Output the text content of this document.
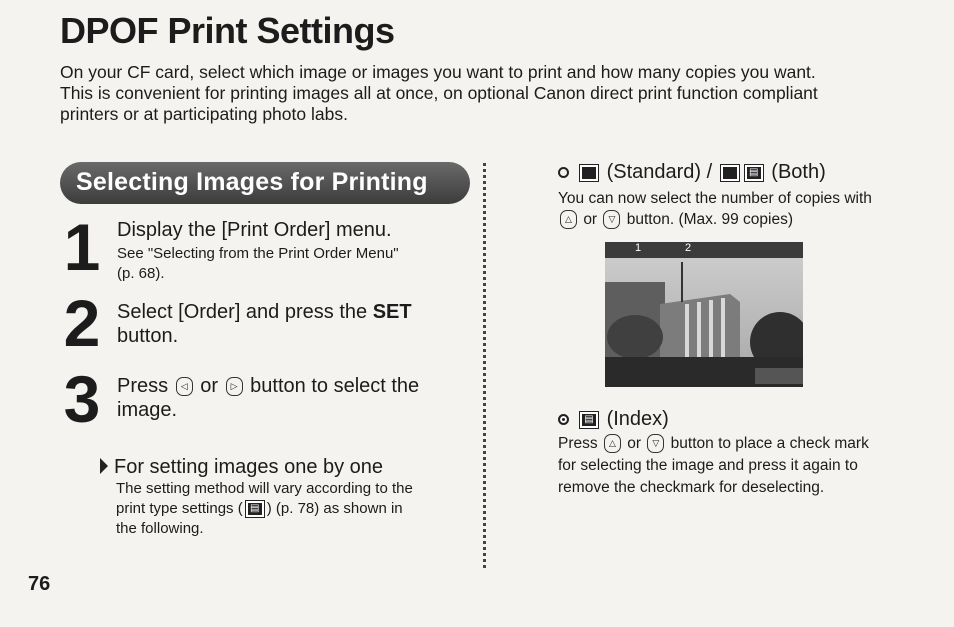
DPOF Print Settings

On your CF card, select which image or images you want to print and how many copies you want.

This is convenient for printing images all at once, on optional Canon direct print function compliant

printers or at participating photo labs.

Selecting Images for Printing
1 Display the [Print Order] menu.
See "Selecting from the Print Order Menu"
(p. 68).
2 Select [Order] and press the SET
button.
3 Press ◁ or ▷ button to select the
image.
For setting images one by one
The setting method will vary according to the
print type settings ( ▤ ) (p. 78) as shown in
the following.
(Standard) /	▤ (Both)
You can now select the number of copies with
△ or ▽ button. (Max. 99 copies)
1	2
▤ (Index)
Press △ or ▽ button to place a check mark
for selecting the image and press it again to
remove the checkmark for deselecting.
76
